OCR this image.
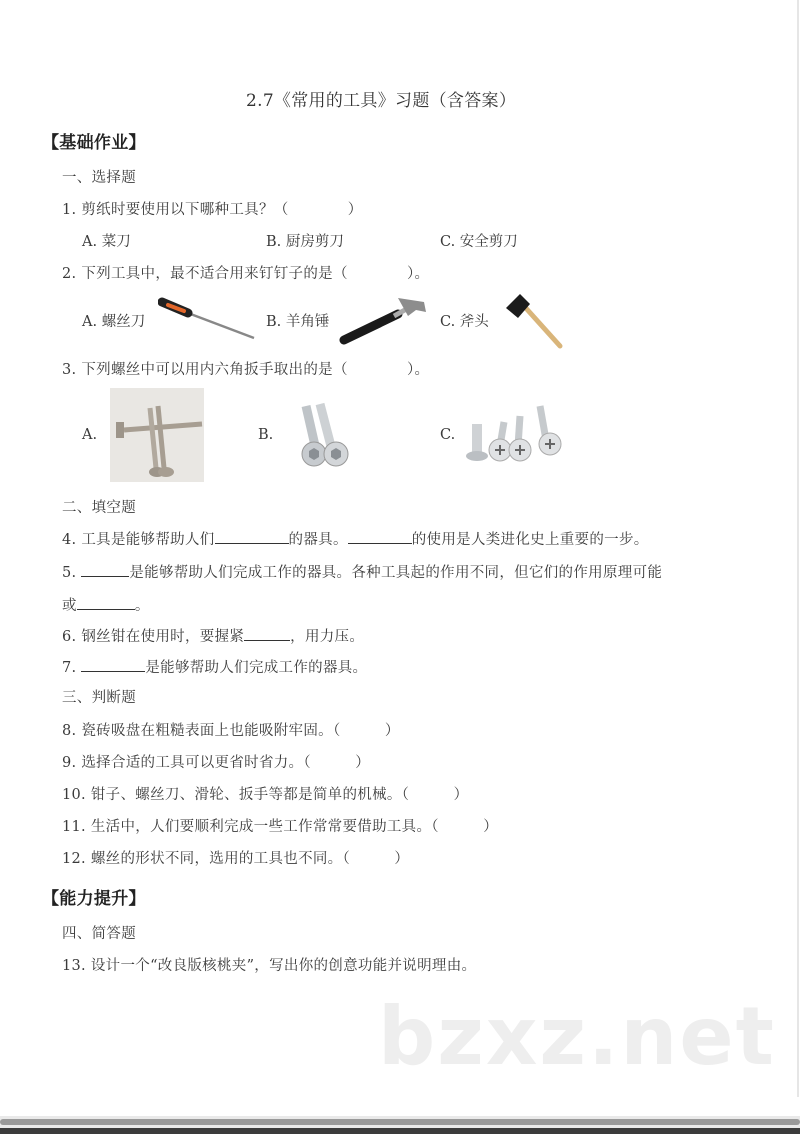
2.7《常用的工具》习题（含答案）
【基础作业】
一、选择题
1. 剪纸时要使用以下哪种工具？（　　　　）
A. 菜刀	B. 厨房剪刀	C. 安全剪刀
2. 下列工具中，最不适合用来钉钉子的是（　　　　）。
A. 螺丝刀	B. 羊角锤	C. 斧头
3. 下列螺丝中可以用内六角扳手取出的是（　　　　）。
A.	B.	C.
二、填空题
4. 工具是能够帮助人们	的器具。	的使用是人类进化史上重要的一步。
5.	是能够帮助人们完成工作的器具。各种工具起的作用不同，但它们的作用原理可能
或	。
6. 钢丝钳在使用时，要握紧	，用力压。
7.	是能够帮助人们完成工作的器具。
三、判断题
8. 瓷砖吸盘在粗糙表面上也能吸附牢固。（　　　）
9. 选择合适的工具可以更省时省力。（　　　）
10. 钳子、螺丝刀、滑轮、扳手等都是简单的机械。（　　　）
11. 生活中，人们要顺利完成一些工作常常要借助工具。（　　　）
12. 螺丝的形状不同，选用的工具也不同。（　　　）
【能力提升】
四、简答题
13. 设计一个“改良版核桃夹”，写出你的创意功能并说明理由。
bzxz.net
